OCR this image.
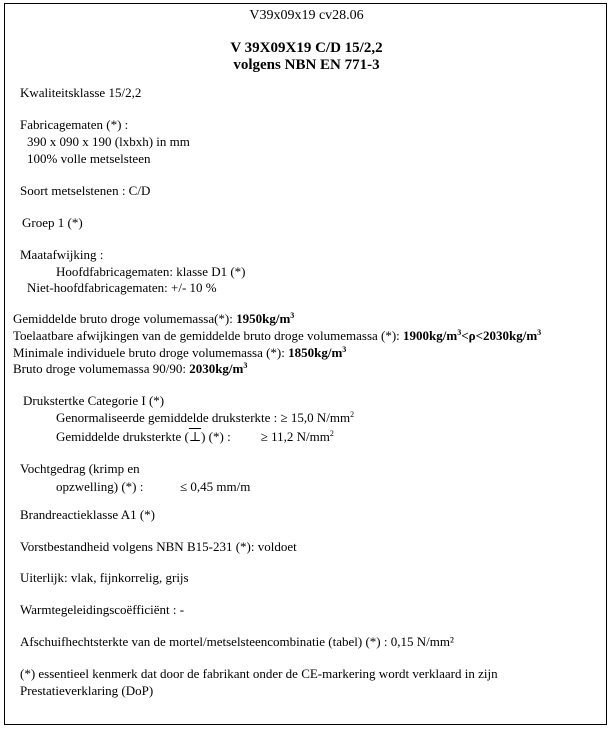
V39x09x19 cv28.06
V 39X09X19 C/D 15/2,2
volgens NBN EN 771-3
Kwaliteitsklasse 15/2,2
Fabricagematen (*) :
390 x 090 x 190 (lxbxh) in mm
100% volle metselsteen
Soort metselstenen : C/D
Groep 1 (*)
Maatafwijking :
Hoofdfabricagematen: klasse D1 (*)
Niet-hoofdfabricagematen: +/- 10 %
Gemiddelde bruto droge volumemassa(*): $1950kg/m^3$
Toelaatbare afwijkingen van de gemiddelde bruto droge volumemassa (*): $1900kg/m^3<\rho<2030kg/m^3$
Minimale individuele bruto droge volumemassa (*): $1850kg/m^3$
Bruto droge volumemassa 90/90: $2030kg/m^3$
Drukstertke Categorie I (*)
Genormaliseerde gemiddelde druksterkte : ≥ 15,0 $N/mm^2$
Gemiddelde druksterkte (⊥) (*) : ≥ 11,2 $N/mm^2$
Vochtgedrag (krimp en
opzwelling) (*) :	≤ 0,45 mm/m
Brandreactieklasse A1 (*)
Vorstbestandheid volgens NBN B15-231 (*): voldoet
Uiterlijk: vlak, fijnkorrelig, grijs
Warmtegeleidingscoëfficiënt : -
Afschuifhechtsterkte van de mortel/metselsteencombinatie (tabel) (*) : 0,15 N/mm²
(*) essentieel kenmerk dat door de fabrikant onder de CE-markering wordt verklaard in zijn
Prestatieverklaring (DoP)
